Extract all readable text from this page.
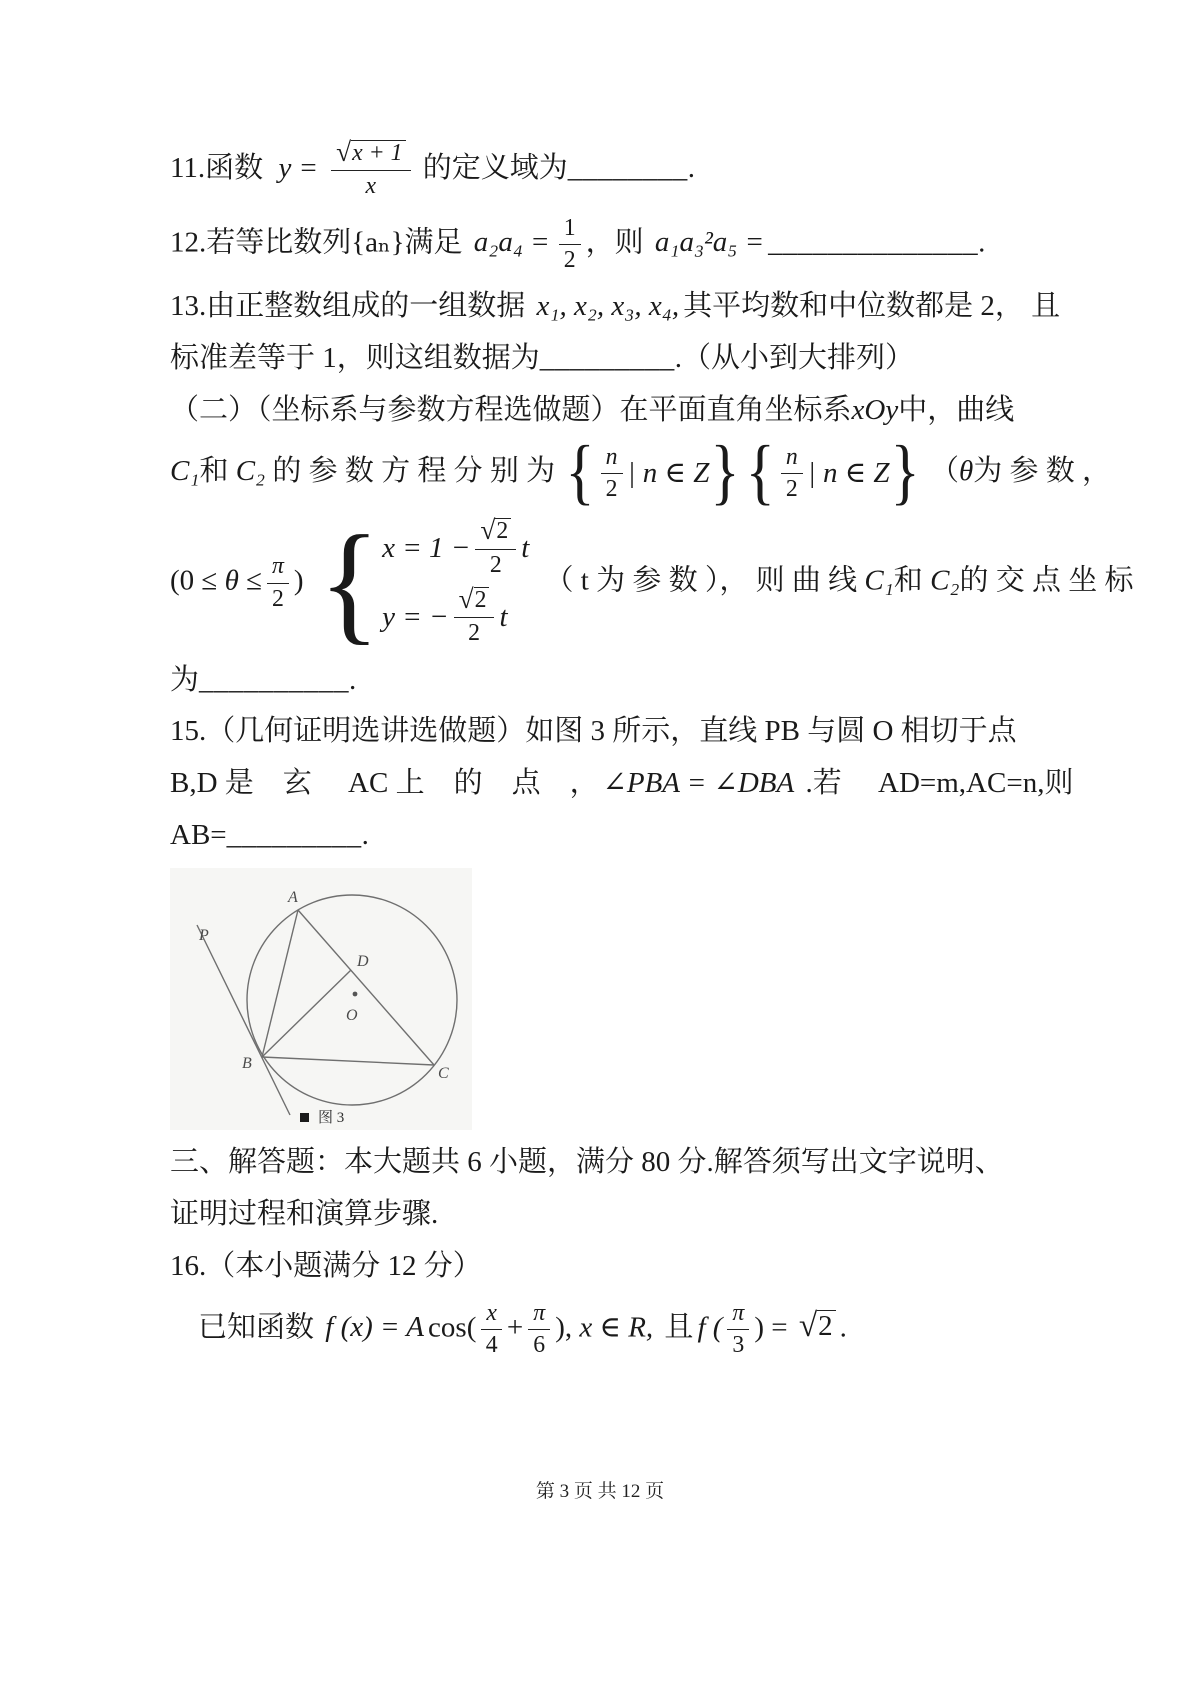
11.函数 $y = \frac{√ x + 1}{x}$ 的定义域为________.

12.若等比数列{aₙ}满足 $a_2a_4 = \frac{1}{2}$ ，则 a₁a₃²a₅ = ______________.

13.由正整数组成的一组数据 x₁, x₂, x₃, x₄, 其平均数和中位数都是 2， 且

标准差等于 1，则这组数据为_________.（从小到大排列）

（二）（坐标系与参数方程选做题）在平面直角坐标系xOy中，曲线

C₁和 C₂ 的 参 数 方 程 分 别 为 { $\frac{n}{2}$ | n ∈ Z } { $\frac{n}{2}$ | n ∈ Z } （θ为 参 数 ，

($0 \le \theta \le \frac{\pi}{2}$ ) { $x = 1 - \frac{√ 2}{2}$ t
y = − $\frac{√ 2}{2}$ t
（ t 为 参 数 ）， 则 曲 线 C₁和 C₂的 交 点 坐 标

为__________.

15.（几何证明选讲选做题）如图 3 所示，直线 PB 与圆 O 相切于点

B,D 是　玄　 AC 上　的　点　， ∠PBA = ∠DBA .若　 AD=m,AC=n,则

AB=_________.

P
A
D
O
B
C
图 3

三、解答题：本大题共 6 小题，满分 80 分.解答须写出文字说明、

证明过程和演算步骤.

16.（本小题满分 12 分）

已知函数 f (x) = A $\cos( \frac{x}{4} + \frac{\pi}{6}$ ), x ∈ R, 且 f ( $\frac{\pi}{3}$ ) = √ 2 .

第 3 页 共 12 页
